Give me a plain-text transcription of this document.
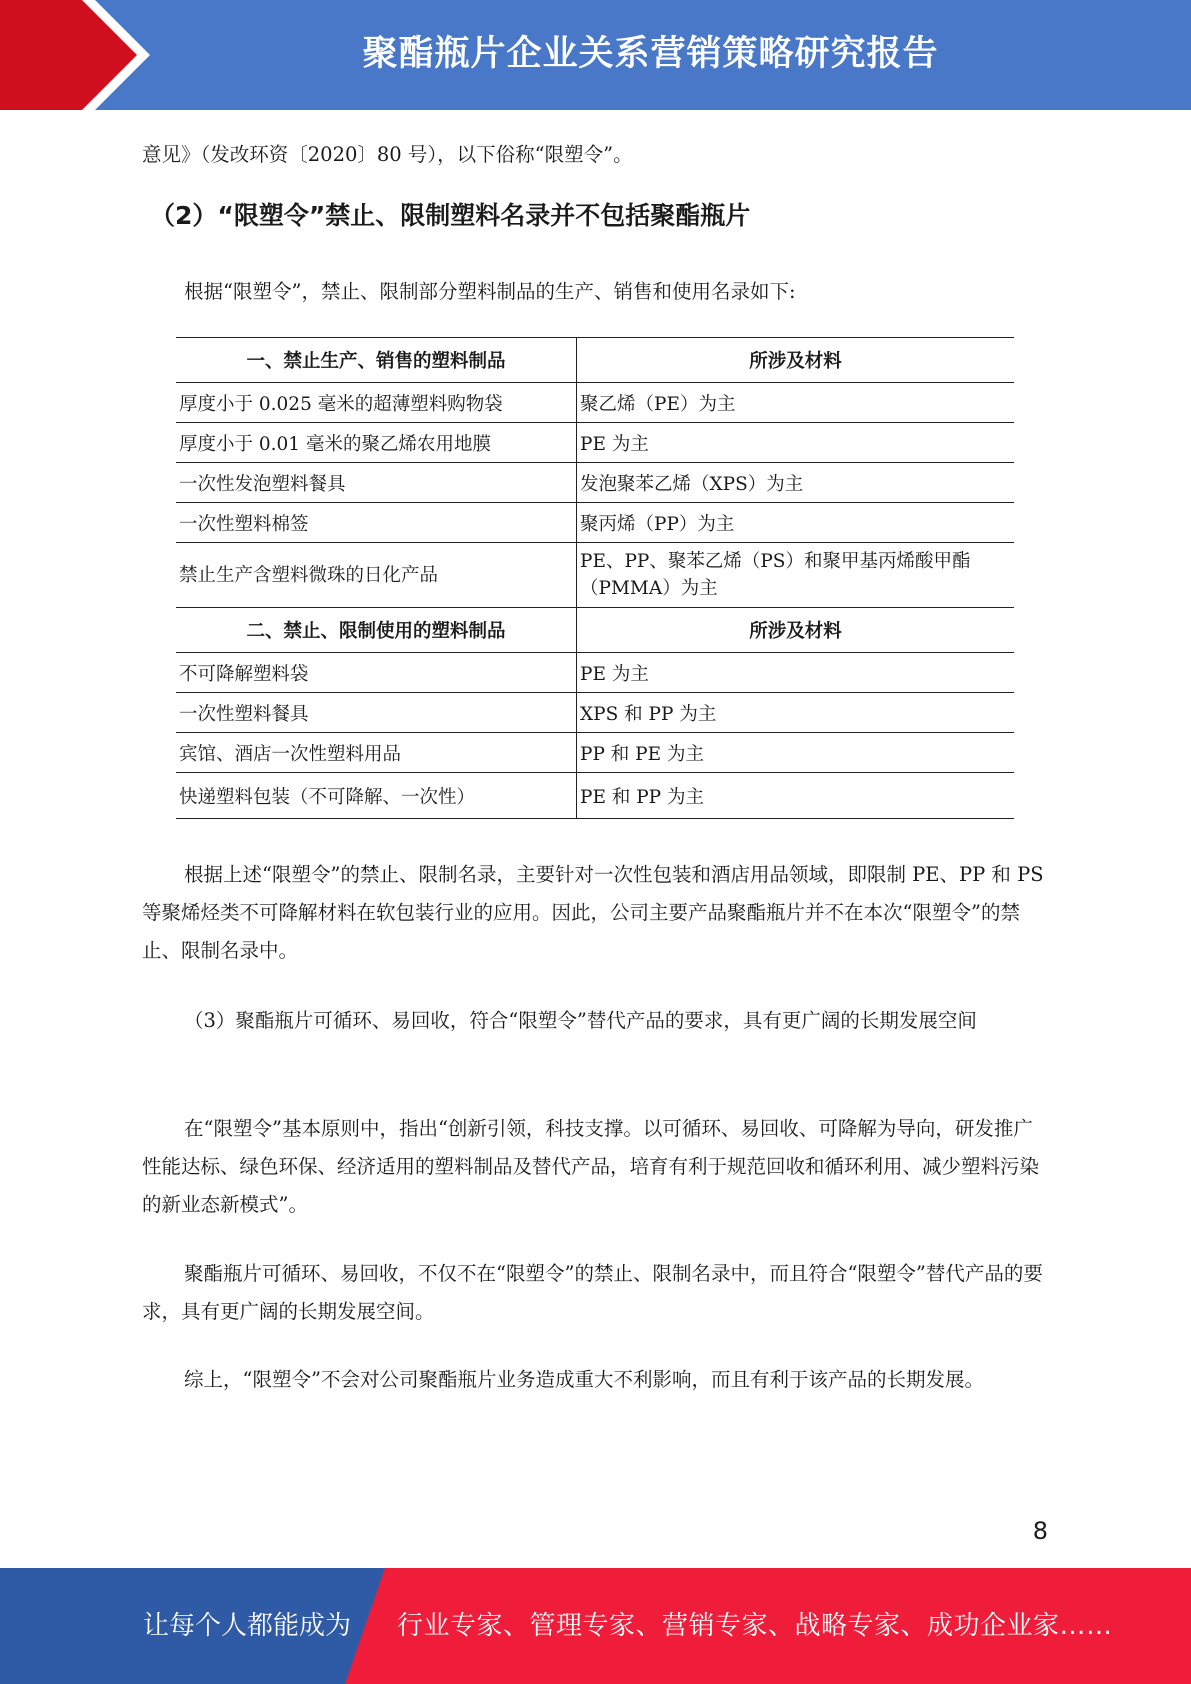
聚酯瓶片企业关系营销策略研究报告

意见》（发改环资〔2020〕80 号），以下俗称“限塑令”。

（2）“限塑令”禁止、限制塑料名录并不包括聚酯瓶片

根据“限塑令”，禁止、限制部分塑料制品的生产、销售和使用名录如下:

一、禁止生产、销售的塑料制品	所涉及材料
厚度小于 0.025 毫米的超薄塑料购物袋	聚乙烯（PE）为主
厚度小于 0.01 毫米的聚乙烯农用地膜	PE 为主
一次性发泡塑料餐具	发泡聚苯乙烯（XPS）为主
一次性塑料棉签	聚丙烯（PP）为主
禁止生产含塑料微珠的日化产品	PE、PP、聚苯乙烯（PS）和聚甲基丙烯酸甲酯（PMMA）为主
二、禁止、限制使用的塑料制品	所涉及材料
不可降解塑料袋	PE 为主
一次性塑料餐具	XPS 和 PP 为主
宾馆、酒店一次性塑料用品	PP 和 PE 为主
快递塑料包装（不可降解、一次性）	PE 和 PP 为主

根据上述“限塑令”的禁止、限制名录，主要针对一次性包装和酒店用品领域，即限制 PE、PP 和 PS 等聚烯烃类不可降解材料在软包装行业的应用。因此，公司主要产品聚酯瓶片并不在本次“限塑令”的禁止、限制名录中。

（3）聚酯瓶片可循环、易回收，符合“限塑令”替代产品的要求，具有更广阔的长期发展空间

在“限塑令”基本原则中，指出“创新引领，科技支撑。以可循环、易回收、可降解为导向，研发推广性能达标、绿色环保、经济适用的塑料制品及替代产品，培育有利于规范回收和循环利用、减少塑料污染的新业态新模式”。

聚酯瓶片可循环、易回收，不仅不在“限塑令”的禁止、限制名录中，而且符合“限塑令”替代产品的要求，具有更广阔的长期发展空间。

综上，“限塑令”不会对公司聚酯瓶片业务造成重大不利影响，而且有利于该产品的长期发展。

8
让每个人都能成为 行业专家、管理专家、营销专家、战略专家、成功企业家……
